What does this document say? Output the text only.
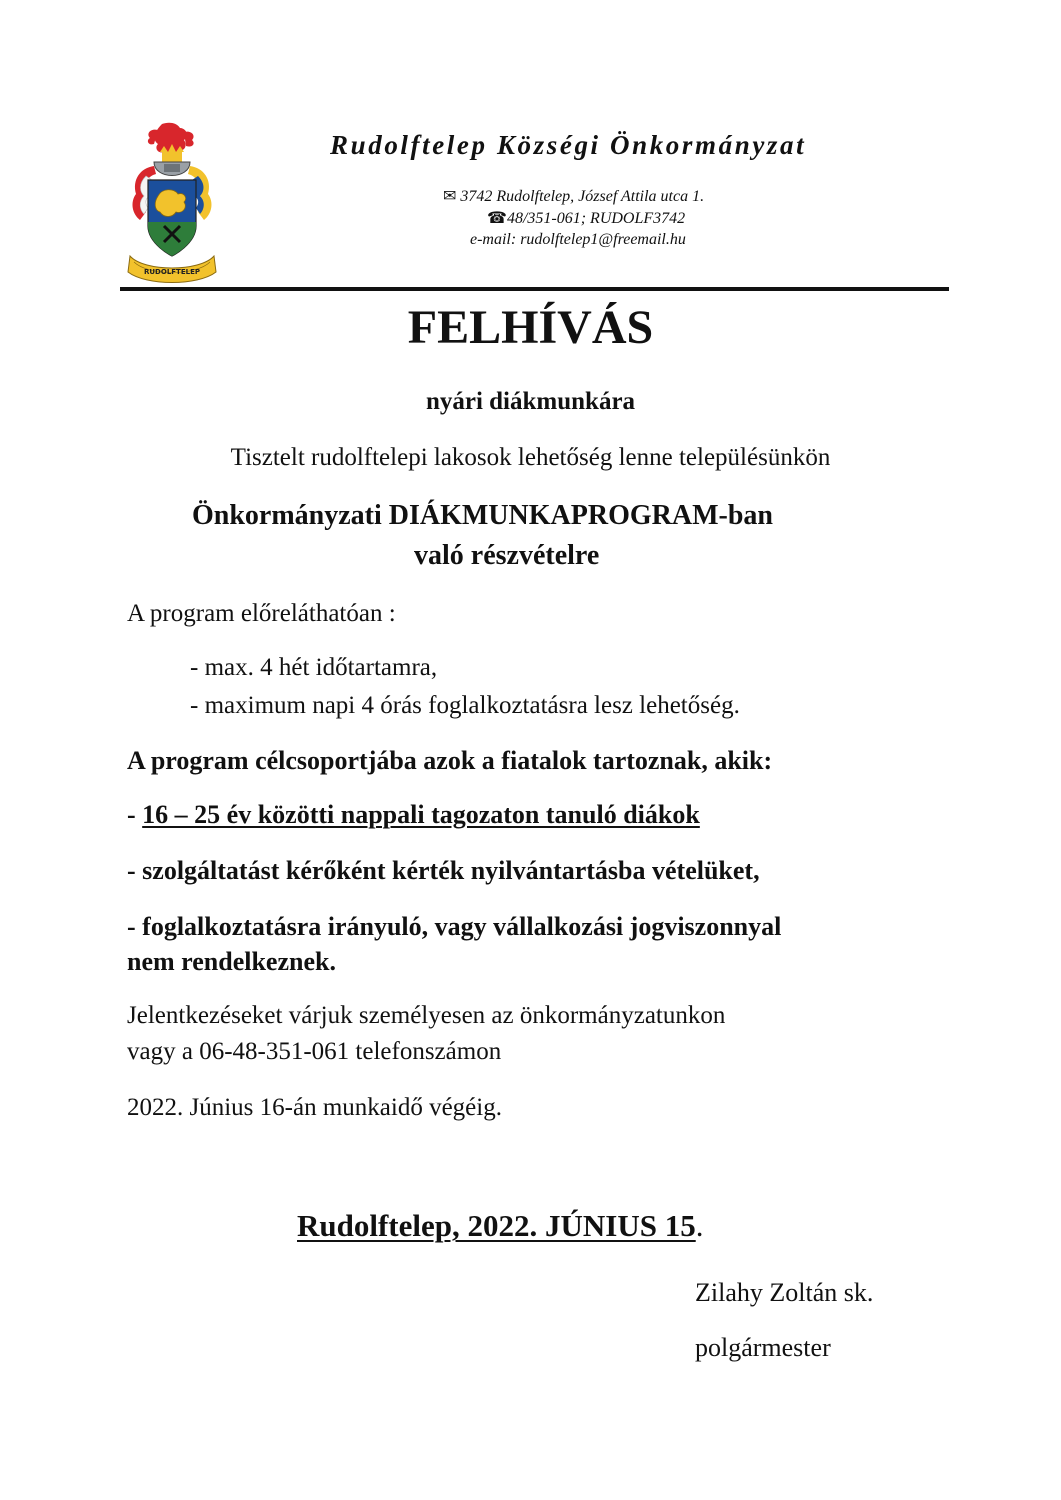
RUDOLFTELEP
Rudolftelep Községi Önkormányzat
✉ 3742 Rudolftelep, József Attila utca 1.
☎48/351-061; RUDOLF3742
e-mail: rudolftelep1@freemail.hu
FELHÍVÁS
nyári diákmunkára
Tisztelt rudolftelepi lakosok lehetőség lenne településünkön
Önkormányzati DIÁKMUNKAPROGRAM-ban
való részvételre
A program előreláthatóan :
- max. 4 hét időtartamra,
- maximum napi 4 órás foglalkoztatásra lesz lehetőség.
A program célcsoportjába azok a fiatalok tartoznak, akik:
- 16 – 25 év közötti nappali tagozaton tanuló diákok
- szolgáltatást kérőként kérték nyilvántartásba vételüket,
- foglalkoztatásra irányuló, vagy vállalkozási jogviszonnyal
nem rendelkeznek.
Jelentkezéseket várjuk személyesen az önkormányzatunkon
vagy a 06-48-351-061 telefonszámon
2022. Június 16-án munkaidő végéig.
Rudolftelep, 2022. JÚNIUS 15.
Zilahy Zoltán sk.
polgármester
